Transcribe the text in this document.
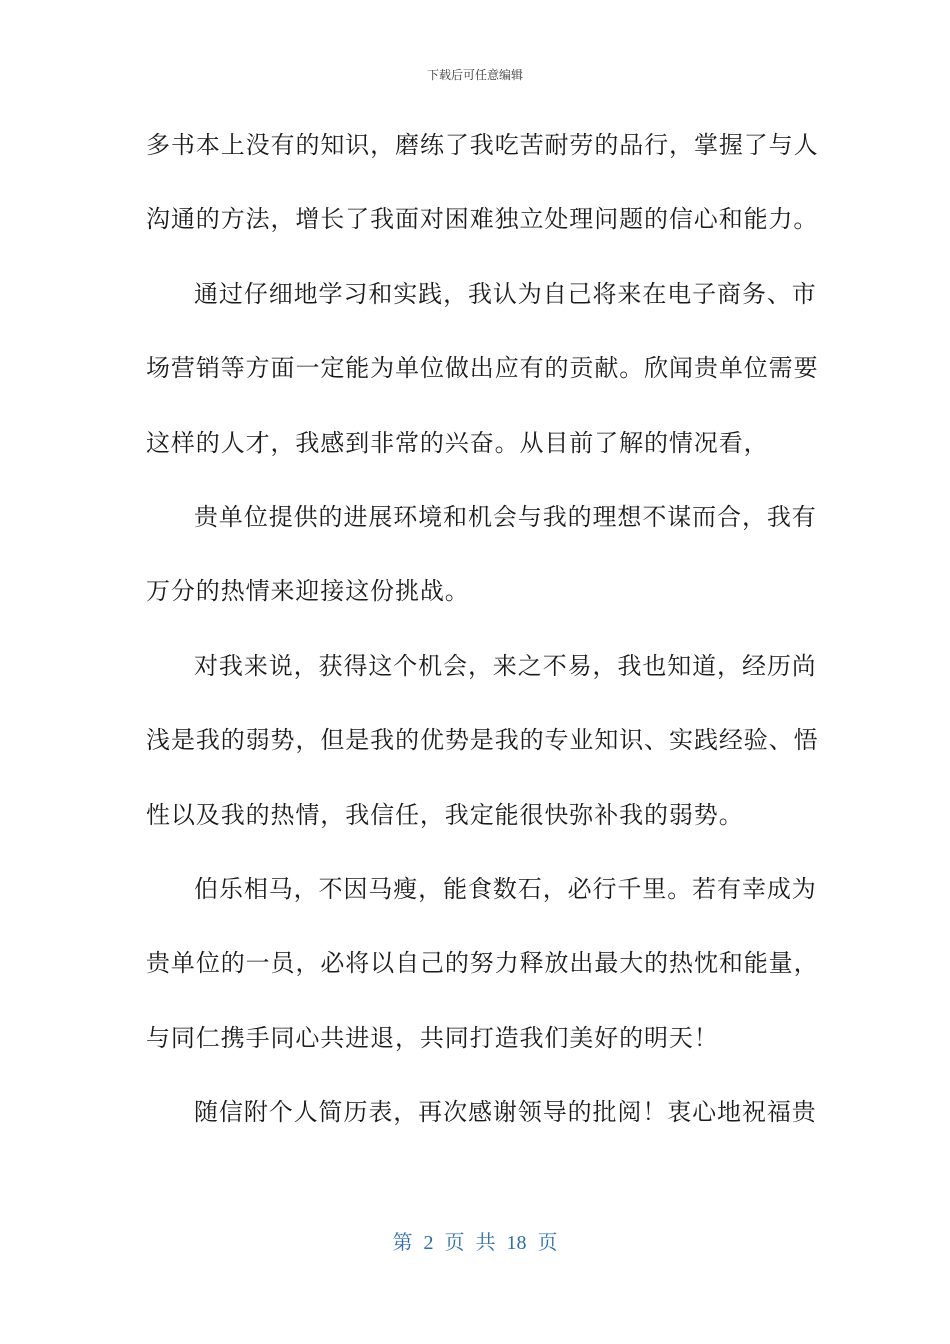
下载后可任意编辑
多 书 本 上 没 有 的 知 识 ， 磨 练 了 我 吃 苦 耐 劳 的 品 行 ， 掌 握 了 与 人
沟通的方法，增长了我面对困难独立处理问题的信心和能力。
通 过 仔 细 地 学 习 和 实 践 ， 我 认 为 自 己 将 来 在 电 子 商 务 、 市
场 营 销 等 方 面 一 定 能 为 单 位 做 出 应 有 的 贡 献 。 欣 闻 贵 单 位 需 要
这样的人才，我感到非常的兴奋。从目前了解的情况看，
贵 单 位 提 供 的 进 展 环 境 和 机 会 与 我 的 理 想 不 谋 而 合 ， 我 有
万分的热情来迎接这份挑战。
对 我 来 说 ， 获 得 这 个 机 会 ， 来 之 不 易 ， 我 也 知 道 ， 经 历 尚
浅 是 我 的 弱 势 ， 但 是 我 的 优 势 是 我 的 专 业 知 识 、 实 践 经 验 、 悟
性以及我的热情，我信任，我定能很快弥补我的弱势。
伯 乐 相 马 ， 不 因 马 瘦 ， 能 食 数 石 ， 必 行 千 里 。 若 有 幸 成 为
贵 单 位 的 一 员 ， 必 将 以 自 己 的 努 力 释 放 出 最 大 的 热 忱 和 能 量 ，
与同仁携手同心共进退，共同打造我们美好的明天！
随 信 附 个 人 简 历 表 ， 再 次 感 谢 领 导 的 批 阅 ！ 衷 心 地 祝 福 贵
第 2 页 共 18 页
